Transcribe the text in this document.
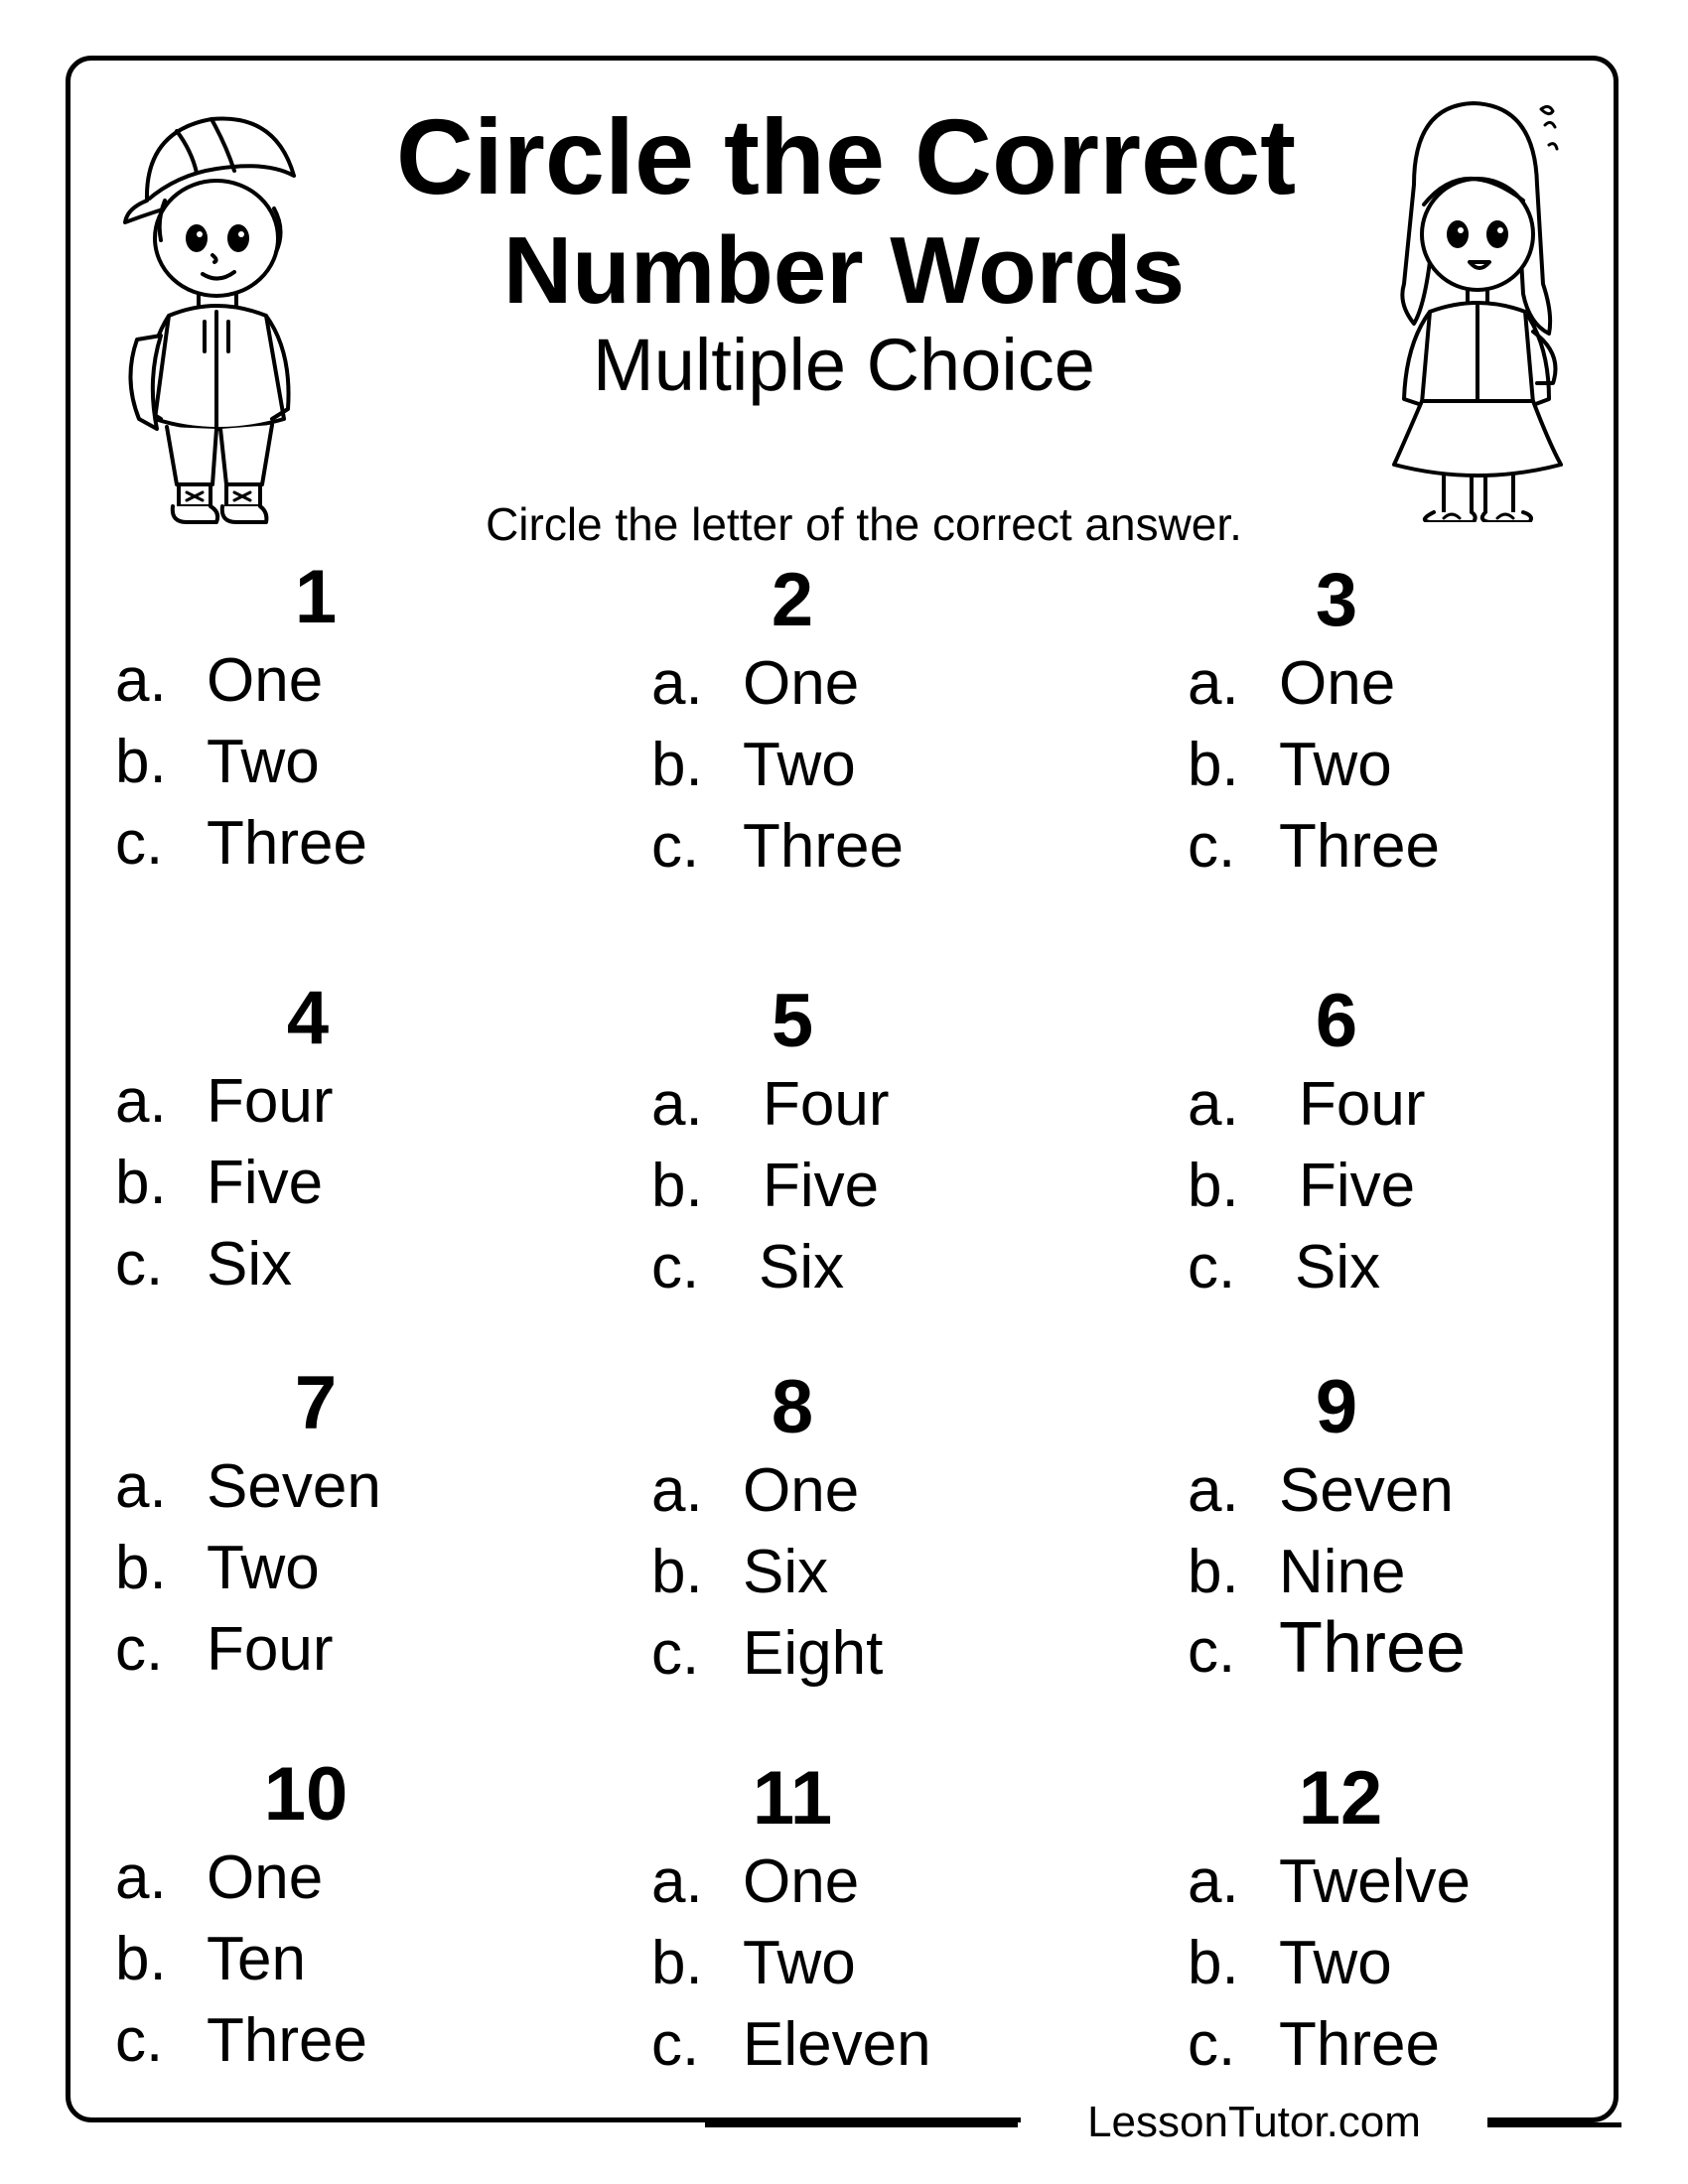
Circle the Correct
Number Words
Multiple Choice
Circle the letter of the correct answer.
1
a. One
b. Two
c. Three
2
a. One
b. Two
c. Three
3
a. One
b. Two
c. Three
4
a. Four
b. Five
c. Six
5
a. Four
b. Five
c. Six
6
a. Four
b. Five
c. Six
7
a. Seven
b. Two
c. Four
8
a. One
b. Six
c. Eight
9
a. Seven
b. Nine
c. Three
10
a. One
b. Ten
c. Three
11
a. One
b. Two
c. Eleven
12
a. Twelve
b. Two
c. Three
LessonTutor.com
